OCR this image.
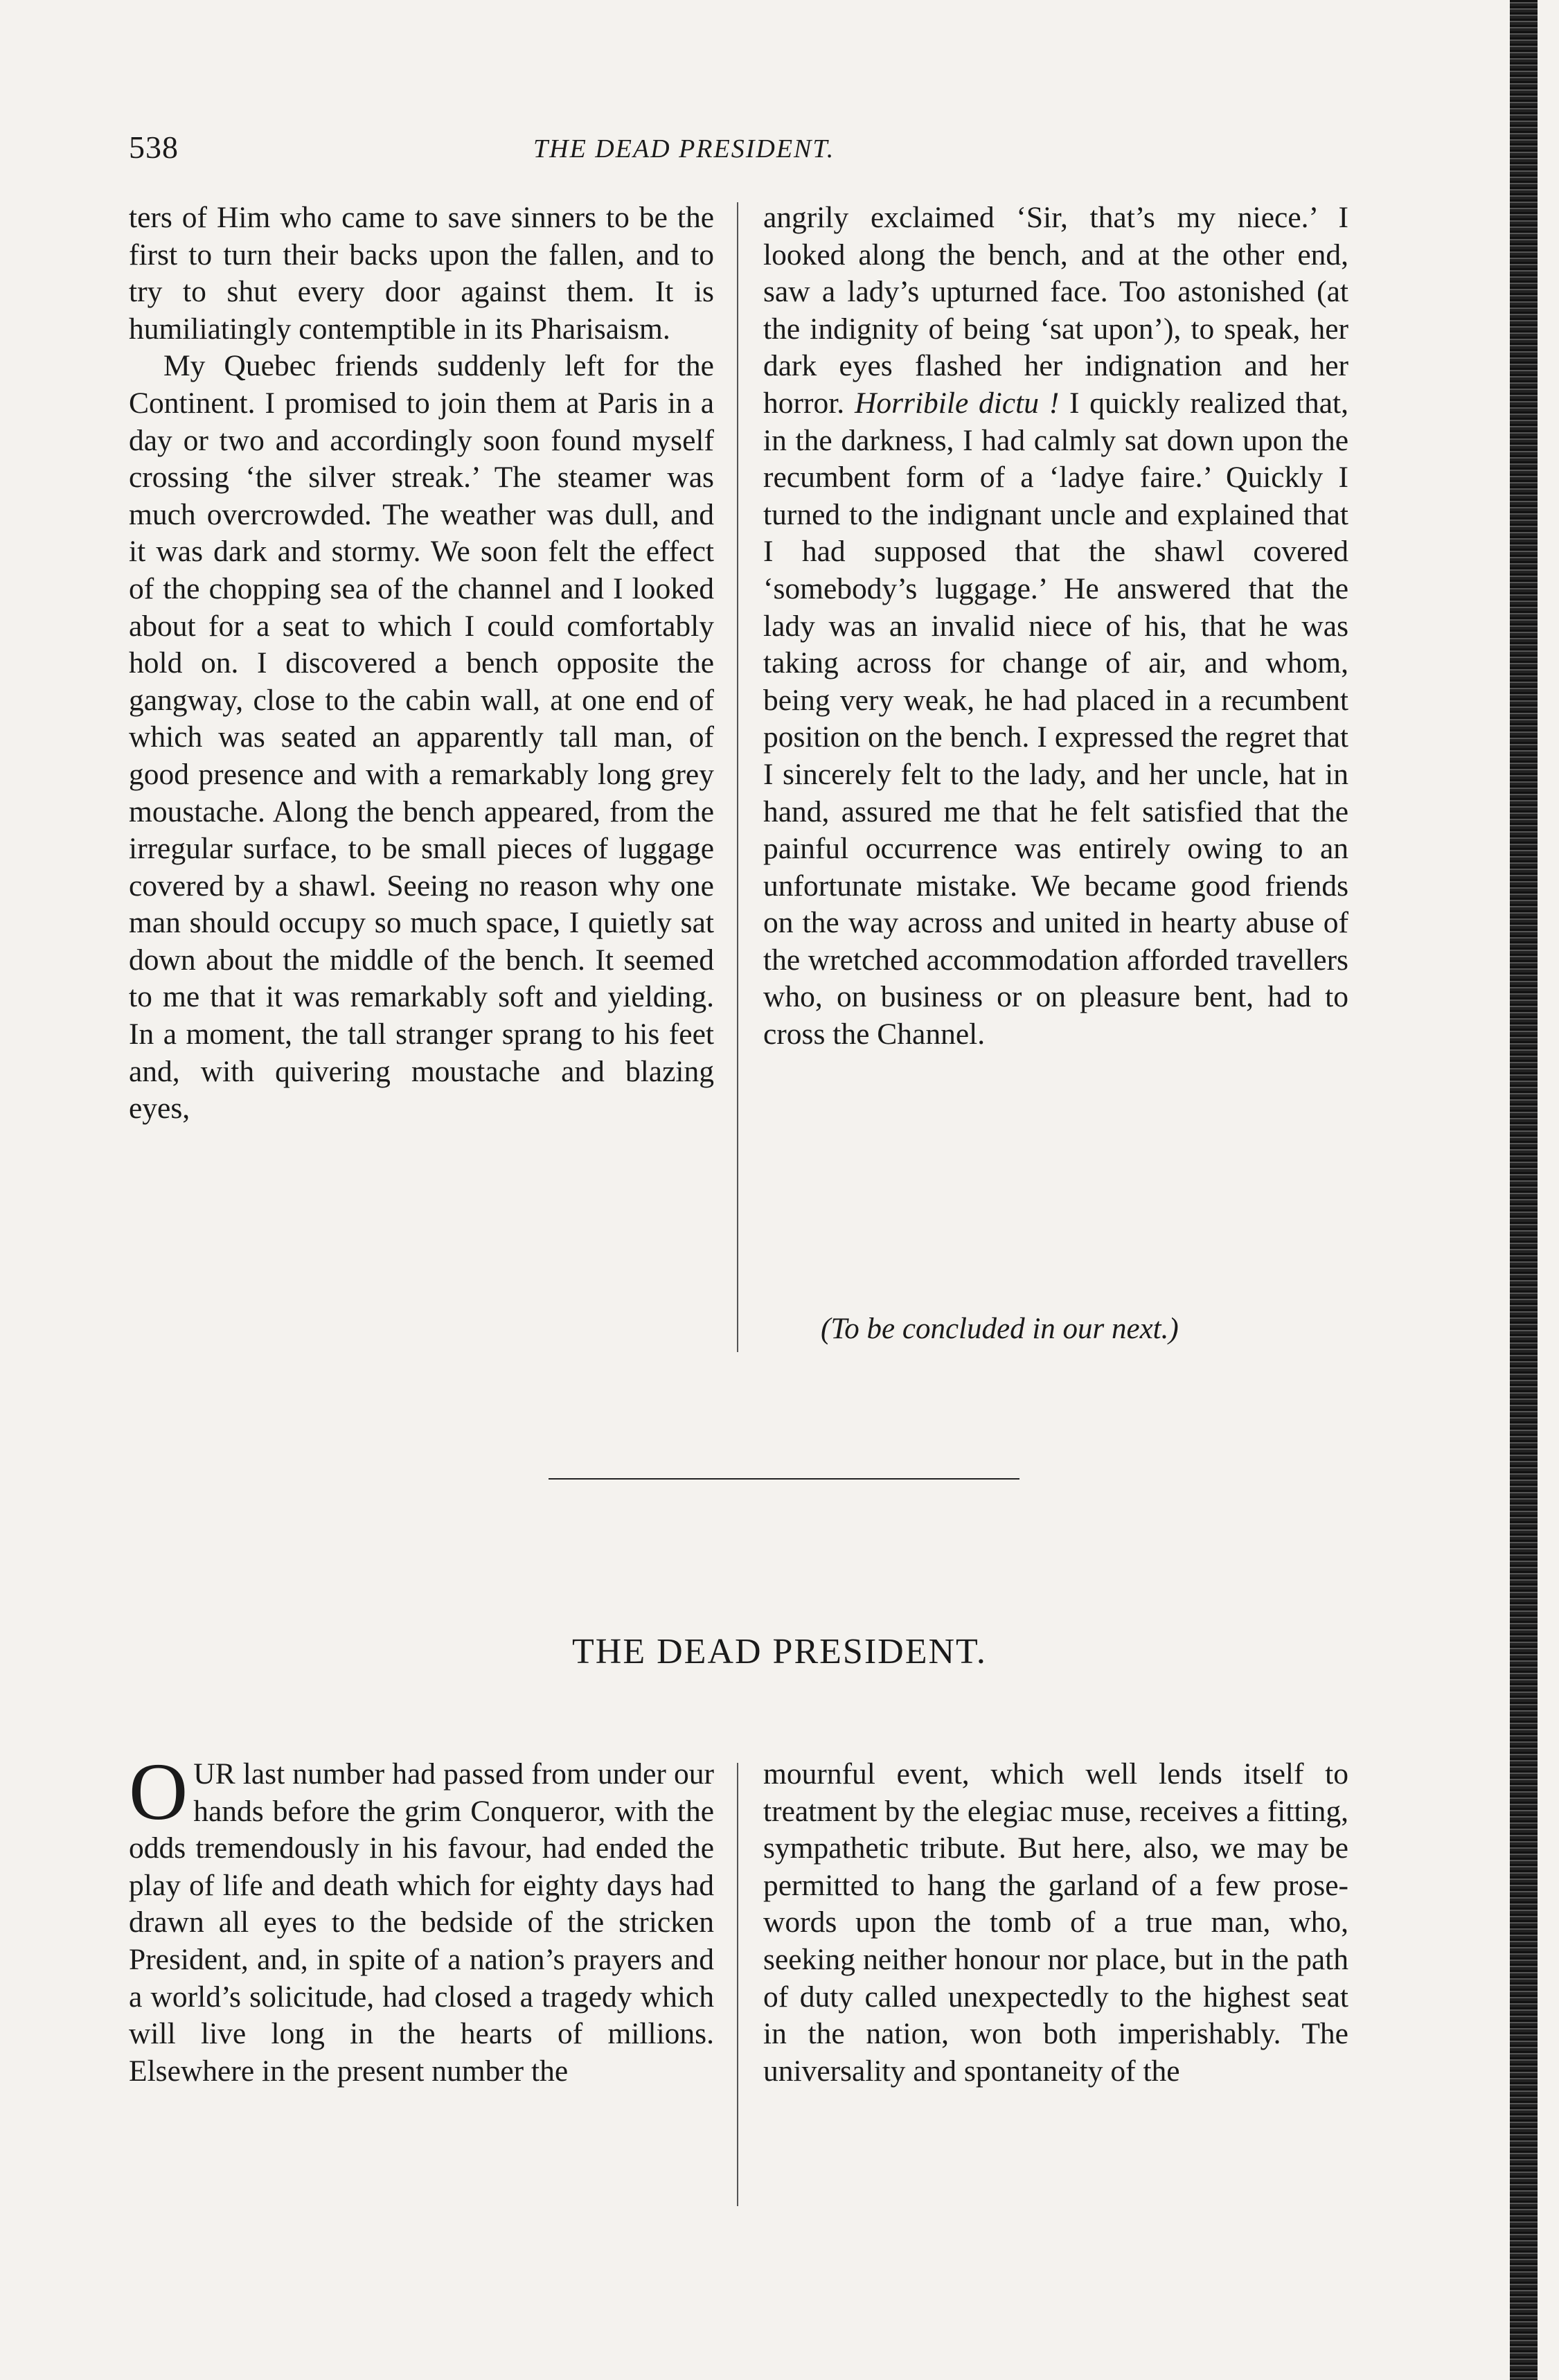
538	THE DEAD PRESIDENT.

ters of Him who came to save sinners to be the first to turn their backs upon the fallen, and to try to shut every door against them. It is humiliatingly contemptible in its Pharisaism.

My Quebec friends suddenly left for the Continent. I promised to join them at Paris in a day or two and accordingly soon found myself crossing ‘the silver streak.’ The steamer was much overcrowded. The weather was dull, and it was dark and stormy. We soon felt the effect of the chopping sea of the channel and I looked about for a seat to which I could comfortably hold on. I discovered a bench opposite the gangway, close to the cabin wall, at one end of which was seated an apparently tall man, of good presence and with a remarkably long grey moustache. Along the bench appeared, from the irregular surface, to be small pieces of luggage covered by a shawl. Seeing no reason why one man should occupy so much space, I quietly sat down about the middle of the bench. It seemed to me that it was remarkably soft and yielding. In a moment, the tall stranger sprang to his feet and, with quivering moustache and blazing eyes,

angrily exclaimed ‘Sir, that’s my niece.’ I looked along the bench, and at the other end, saw a lady’s upturned face. Too astonished (at the indignity of being ‘sat upon’), to speak, her dark eyes flashed her indignation and her horror. Horribile dictu ! I quickly realized that, in the darkness, I had calmly sat down upon the recumbent form of a ‘ladye faire.’ Quickly I turned to the indignant uncle and explained that I had supposed that the shawl covered ‘somebody’s luggage.’ He answered that the lady was an invalid niece of his, that he was taking across for change of air, and whom, being very weak, he had placed in a recumbent position on the bench. I expressed the regret that I sincerely felt to the lady, and her uncle, hat in hand, assured me that he felt satisfied that the painful occurrence was entirely owing to an unfortunate mistake. We became good friends on the way across and united in hearty abuse of the wretched accommodation afforded travellers who, on business or on pleasure bent, had to cross the Channel.

(To be concluded in our next.)
THE DEAD PRESIDENT.

OUR last number had passed from under our hands before the grim Conqueror, with the odds tremendously in his favour, had ended the play of life and death which for eighty days had drawn all eyes to the bedside of the stricken President, and, in spite of a nation’s prayers and a world’s solicitude, had closed a tragedy which will live long in the hearts of millions. Elsewhere in the present number the

mournful event, which well lends itself to treatment by the elegiac muse, receives a fitting, sympathetic tribute. But here, also, we may be permitted to hang the garland of a few prose-words upon the tomb of a true man, who, seeking neither honour nor place, but in the path of duty called unexpectedly to the highest seat in the nation, won both imperishably. The universality and spontaneity of the
